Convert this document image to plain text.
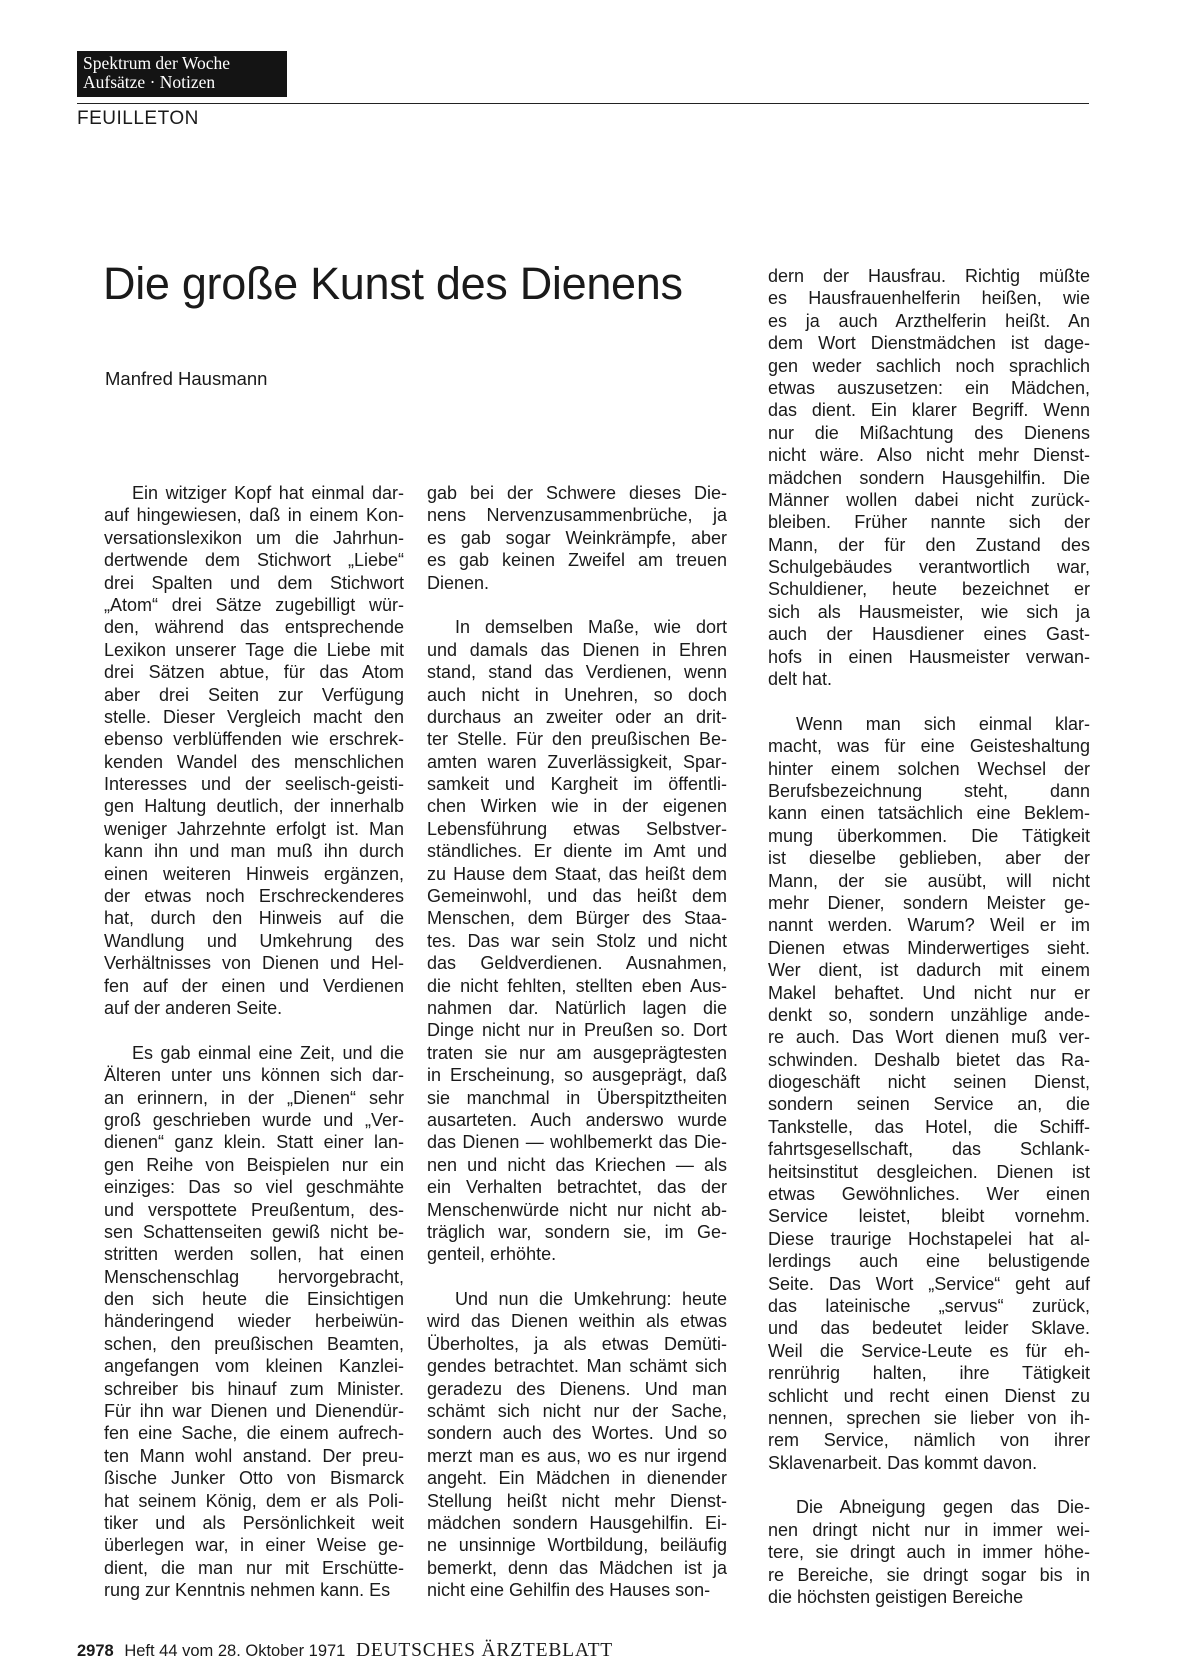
Spektrum der Woche
Aufsätze · Notizen
FEUILLETON
Die große Kunst des Dienens
Manfred Hausmann
Ein witziger Kopf hat einmal dar-
auf hingewiesen, daß in einem Kon-
versationslexikon um die Jahrhun-
dertwende dem Stichwort „Liebe“
drei Spalten und dem Stichwort
„Atom“ drei Sätze zugebilligt wür-
den, während das entsprechende
Lexikon unserer Tage die Liebe mit
drei Sätzen abtue, für das Atom
aber drei Seiten zur Verfügung
stelle. Dieser Vergleich macht den
ebenso verblüffenden wie erschrek-
kenden Wandel des menschlichen
Interesses und der seelisch-geisti-
gen Haltung deutlich, der innerhalb
weniger Jahrzehnte erfolgt ist. Man
kann ihn und man muß ihn durch
einen weiteren Hinweis ergänzen,
der etwas noch Erschreckenderes
hat, durch den Hinweis auf die
Wandlung und Umkehrung des
Verhältnisses von Dienen und Hel-
fen auf der einen und Verdienen
auf der anderen Seite.
Es gab einmal eine Zeit, und die
Älteren unter uns können sich dar-
an erinnern, in der „Dienen“ sehr
groß geschrieben wurde und „Ver-
dienen“ ganz klein. Statt einer lan-
gen Reihe von Beispielen nur ein
einziges: Das so viel geschmähte
und verspottete Preußentum, des-
sen Schattenseiten gewiß nicht be-
stritten werden sollen, hat einen
Menschenschlag hervorgebracht,
den sich heute die Einsichtigen
händeringend wieder herbeiwün-
schen, den preußischen Beamten,
angefangen vom kleinen Kanzlei-
schreiber bis hinauf zum Minister.
Für ihn war Dienen und Dienendür-
fen eine Sache, die einem aufrech-
ten Mann wohl anstand. Der preu-
ßische Junker Otto von Bismarck
hat seinem König, dem er als Poli-
tiker und als Persönlichkeit weit
überlegen war, in einer Weise ge-
dient, die man nur mit Erschütte-
rung zur Kenntnis nehmen kann. Es
gab bei der Schwere dieses Die-
nens Nervenzusammenbrüche, ja
es gab sogar Weinkrämpfe, aber
es gab keinen Zweifel am treuen
Dienen.
In demselben Maße, wie dort
und damals das Dienen in Ehren
stand, stand das Verdienen, wenn
auch nicht in Unehren, so doch
durchaus an zweiter oder an drit-
ter Stelle. Für den preußischen Be-
amten waren Zuverlässigkeit, Spar-
samkeit und Kargheit im öffentli-
chen Wirken wie in der eigenen
Lebensführung etwas Selbstver-
ständliches. Er diente im Amt und
zu Hause dem Staat, das heißt dem
Gemeinwohl, und das heißt dem
Menschen, dem Bürger des Staa-
tes. Das war sein Stolz und nicht
das Geldverdienen. Ausnahmen,
die nicht fehlten, stellten eben Aus-
nahmen dar. Natürlich lagen die
Dinge nicht nur in Preußen so. Dort
traten sie nur am ausgeprägtesten
in Erscheinung, so ausgeprägt, daß
sie manchmal in Überspitztheiten
ausarteten. Auch anderswo wurde
das Dienen — wohlbemerkt das Die-
nen und nicht das Kriechen — als
ein Verhalten betrachtet, das der
Menschenwürde nicht nur nicht ab-
träglich war, sondern sie, im Ge-
genteil, erhöhte.
Und nun die Umkehrung: heute
wird das Dienen weithin als etwas
Überholtes, ja als etwas Demüti-
gendes betrachtet. Man schämt sich
geradezu des Dienens. Und man
schämt sich nicht nur der Sache,
sondern auch des Wortes. Und so
merzt man es aus, wo es nur irgend
angeht. Ein Mädchen in dienender
Stellung heißt nicht mehr Dienst-
mädchen sondern Hausgehilfin. Ei-
ne unsinnige Wortbildung, beiläufig
bemerkt, denn das Mädchen ist ja
nicht eine Gehilfin des Hauses son-
dern der Hausfrau. Richtig müßte
es Hausfrauenhelferin heißen, wie
es ja auch Arzthelferin heißt. An
dem Wort Dienstmädchen ist dage-
gen weder sachlich noch sprachlich
etwas auszusetzen: ein Mädchen,
das dient. Ein klarer Begriff. Wenn
nur die Mißachtung des Dienens
nicht wäre. Also nicht mehr Dienst-
mädchen sondern Hausgehilfin. Die
Männer wollen dabei nicht zurück-
bleiben. Früher nannte sich der
Mann, der für den Zustand des
Schulgebäudes verantwortlich war,
Schuldiener, heute bezeichnet er
sich als Hausmeister, wie sich ja
auch der Hausdiener eines Gast-
hofs in einen Hausmeister verwan-
delt hat.
Wenn man sich einmal klar-
macht, was für eine Geisteshaltung
hinter einem solchen Wechsel der
Berufsbezeichnung steht, dann
kann einen tatsächlich eine Beklem-
mung überkommen. Die Tätigkeit
ist dieselbe geblieben, aber der
Mann, der sie ausübt, will nicht
mehr Diener, sondern Meister ge-
nannt werden. Warum? Weil er im
Dienen etwas Minderwertiges sieht.
Wer dient, ist dadurch mit einem
Makel behaftet. Und nicht nur er
denkt so, sondern unzählige ande-
re auch. Das Wort dienen muß ver-
schwinden. Deshalb bietet das Ra-
diogeschäft nicht seinen Dienst,
sondern seinen Service an, die
Tankstelle, das Hotel, die Schiff-
fahrtsgesellschaft, das Schlank-
heitsinstitut desgleichen. Dienen ist
etwas Gewöhnliches. Wer einen
Service leistet, bleibt vornehm.
Diese traurige Hochstapelei hat al-
lerdings auch eine belustigende
Seite. Das Wort „Service“ geht auf
das lateinische „servus“ zurück,
und das bedeutet leider Sklave.
Weil die Service-Leute es für eh-
renrührig halten, ihre Tätigkeit
schlicht und recht einen Dienst zu
nennen, sprechen sie lieber von ih-
rem Service, nämlich von ihrer
Sklavenarbeit. Das kommt davon.
Die Abneigung gegen das Die-
nen dringt nicht nur in immer wei-
tere, sie dringt auch in immer höhe-
re Bereiche, sie dringt sogar bis in
die höchsten geistigen Bereiche
2978 Heft 44 vom 28. Oktober 1971 DEUTSCHES ÄRZTEBLATT
